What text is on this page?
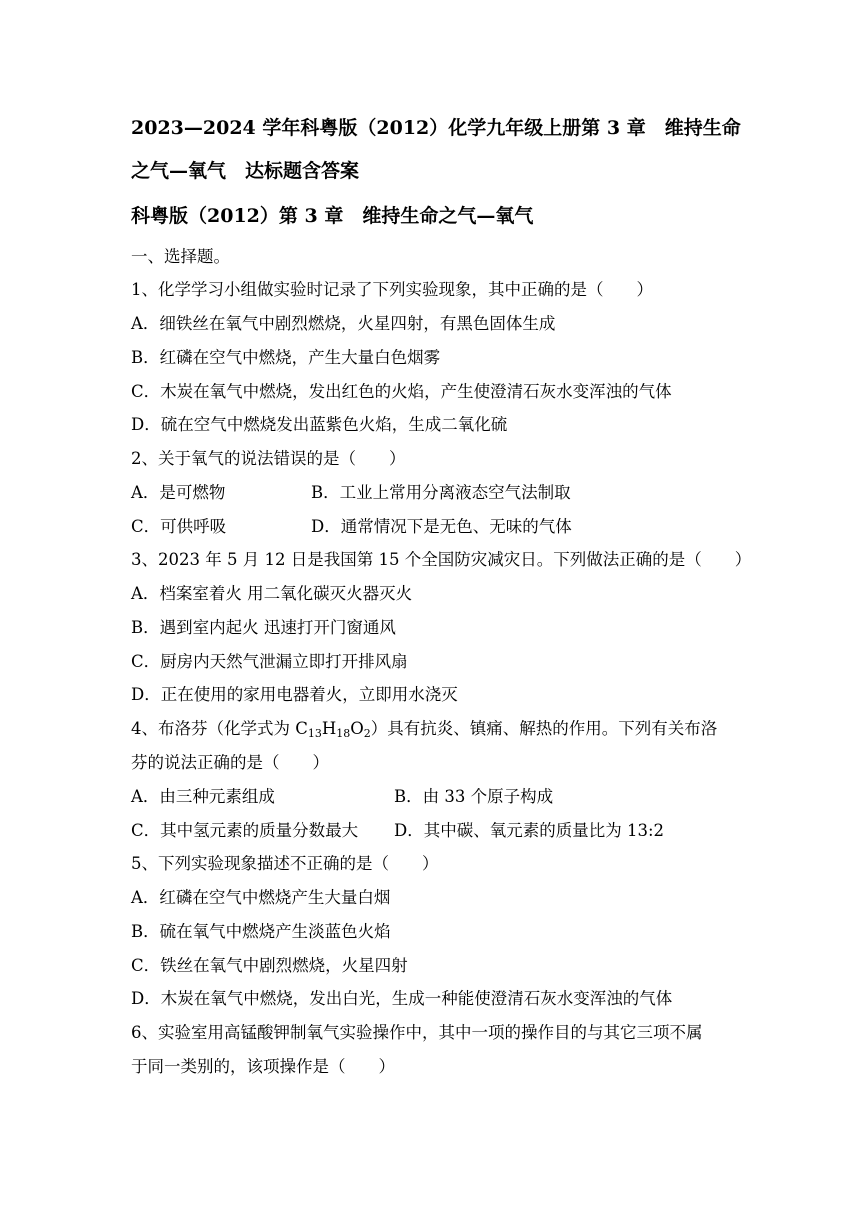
2023—2024 学年科粤版（2012）化学九年级上册第 3 章　维持生命
之气—氧气　达标题含答案
科粤版（2012）第 3 章　维持生命之气—氧气
一、选择题。
1、化学学习小组做实验时记录了下列实验现象，其中正确的是（　　）
A．细铁丝在氧气中剧烈燃烧，火星四射，有黑色固体生成
B．红磷在空气中燃烧，产生大量白色烟雾
C．木炭在氧气中燃烧，发出红色的火焰，产生使澄清石灰水变浑浊的气体
D．硫在空气中燃烧发出蓝紫色火焰，生成二氧化硫
2、关于氧气的说法错误的是（　　）
A．是可燃物	B．工业上常用分离液态空气法制取
C．可供呼吸	D．通常情况下是无色、无味的气体
3、2023 年 5 月 12 日是我国第 15 个全国防灾减灾日。下列做法正确的是（　　）
A．档案室着火 用二氧化碳灭火器灭火
B．遇到室内起火 迅速打开门窗通风
C．厨房内天然气泄漏立即打开排风扇
D．正在使用的家用电器着火，立即用水浇灭
4、布洛芬（化学式为 $C_{13}H_{18}O_2$）具有抗炎、镇痛、解热的作用。下列有关布洛
芬的说法正确的是（　　）
A．由三种元素组成	B．由 33 个原子构成
C．其中氢元素的质量分数最大 D．其中碳、氧元素的质量比为 13:2
5、下列实验现象描述不正确的是（　　）
A．红磷在空气中燃烧产生大量白烟
B．硫在氧气中燃烧产生淡蓝色火焰
C．铁丝在氧气中剧烈燃烧，火星四射
D．木炭在氧气中燃烧，发出白光，生成一种能使澄清石灰水变浑浊的气体
6、实验室用高锰酸钾制氧气实验操作中，其中一项的操作目的与其它三项不属
于同一类别的，该项操作是（　　）
